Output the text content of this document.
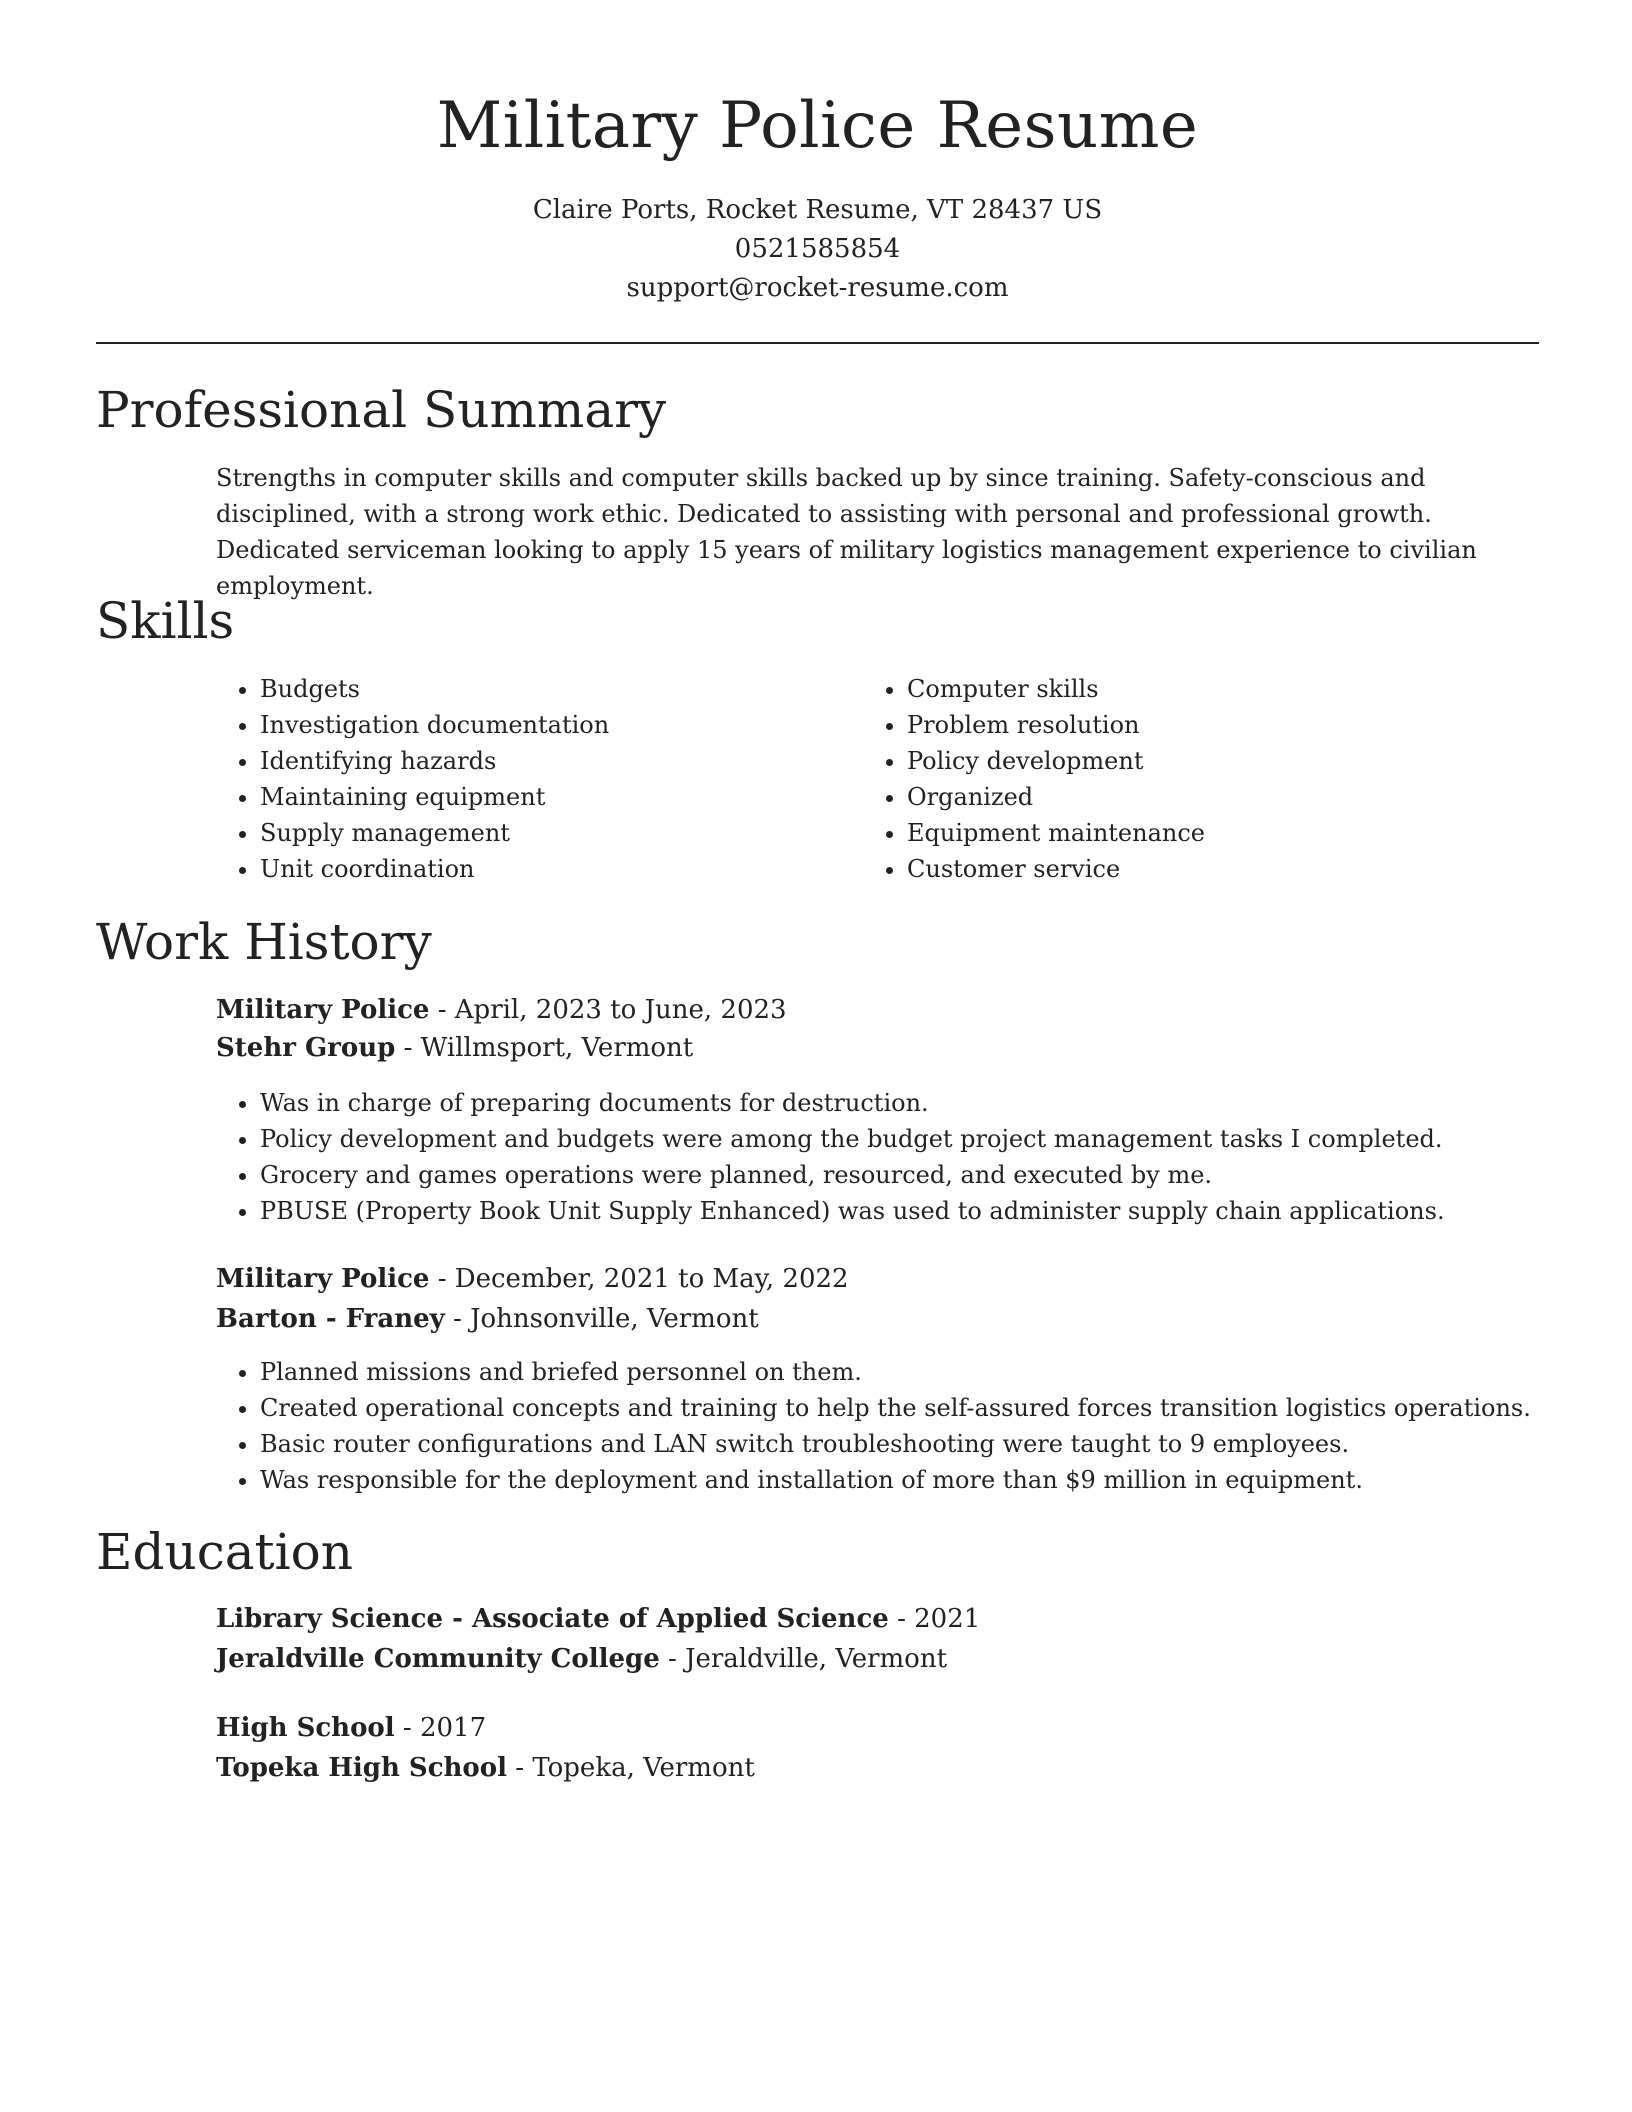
Military Police Resume
Claire Ports, Rocket Resume, VT 28437 US
0521585854
support@rocket-resume.com
Professional Summary

Strengths in computer skills and computer skills backed up by since training. Safety-conscious and disciplined, with a strong work ethic. Dedicated to assisting with personal and professional growth. Dedicated serviceman looking to apply 15 years of military logistics management experience to civilian employment.

Skills
• Budgets
• Investigation documentation
• Identifying hazards
• Maintaining equipment
• Supply management
• Unit coordination
• Computer skills
• Problem resolution
• Policy development
• Organized
• Equipment maintenance
• Customer service
Work History
Military Police - April, 2023 to June, 2023
Stehr Group - Willmsport, Vermont
• Was in charge of preparing documents for destruction.
• Policy development and budgets were among the budget project management tasks I completed.
• Grocery and games operations were planned, resourced, and executed by me.
• PBUSE (Property Book Unit Supply Enhanced) was used to administer supply chain applications.
Military Police - December, 2021 to May, 2022
Barton - Franey - Johnsonville, Vermont
• Planned missions and briefed personnel on them.
• Created operational concepts and training to help the self-assured forces transition logistics operations.
• Basic router configurations and LAN switch troubleshooting were taught to 9 employees.
• Was responsible for the deployment and installation of more than $9 million in equipment.
Education
Library Science - Associate of Applied Science - 2021
Jeraldville Community College - Jeraldville, Vermont
High School - 2017
Topeka High School - Topeka, Vermont
